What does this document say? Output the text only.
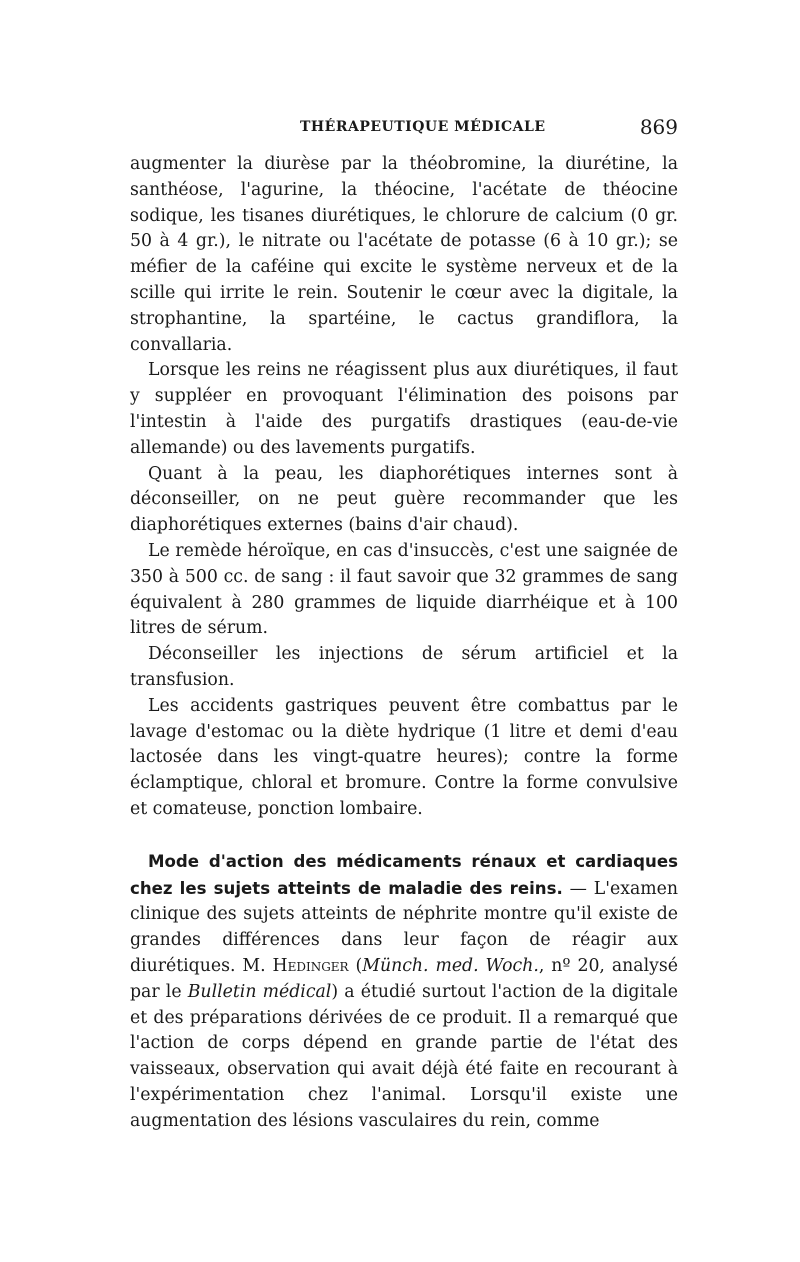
THÉRAPEUTIQUE MÉDICALE	869

augmenter la diurèse par la théobromine, la diurétine, la santhéose, l'agurine, la théocine, l'acétate de théocine sodique, les tisanes diurétiques, le chlorure de calcium (0 gr. 50 à 4 gr.), le nitrate ou l'acétate de potasse (6 à 10 gr.); se méfier de la caféine qui excite le système nerveux et de la scille qui irrite le rein. Soutenir le cœur avec la digitale, la strophantine, la spartéine, le cactus grandiflora, la convallaria.

Lorsque les reins ne réagissent plus aux diurétiques, il faut y suppléer en provoquant l'élimination des poisons par l'intestin à l'aide des purgatifs drastiques (eau-de-vie allemande) ou des lavements purgatifs.

Quant à la peau, les diaphorétiques internes sont à déconseiller, on ne peut guère recommander que les diaphorétiques externes (bains d'air chaud).

Le remède héroïque, en cas d'insuccès, c'est une saignée de 350 à 500 cc. de sang : il faut savoir que 32 grammes de sang équivalent à 280 grammes de liquide diarrhéique et à 100 litres de sérum.

Déconseiller les injections de sérum artificiel et la transfusion.

Les accidents gastriques peuvent être combattus par le lavage d'estomac ou la diète hydrique (1 litre et demi d'eau lactosée dans les vingt-quatre heures); contre la forme éclamptique, chloral et bromure. Contre la forme convulsive et comateuse, ponction lombaire.

Mode d'action des médicaments rénaux et cardiaques chez les sujets atteints de maladie des reins. — L'examen clinique des sujets atteints de néphrite montre qu'il existe de grandes différences dans leur façon de réagir aux diurétiques. M. Hedinger (Münch. med. Woch., nº 20, analysé par le Bulletin médical) a étudié surtout l'action de la digitale et des préparations dérivées de ce produit. Il a remarqué que l'action de corps dépend en grande partie de l'état des vaisseaux, observation qui avait déjà été faite en recourant à l'expérimentation chez l'animal. Lorsqu'il existe une augmentation des lésions vasculaires du rein, comme
